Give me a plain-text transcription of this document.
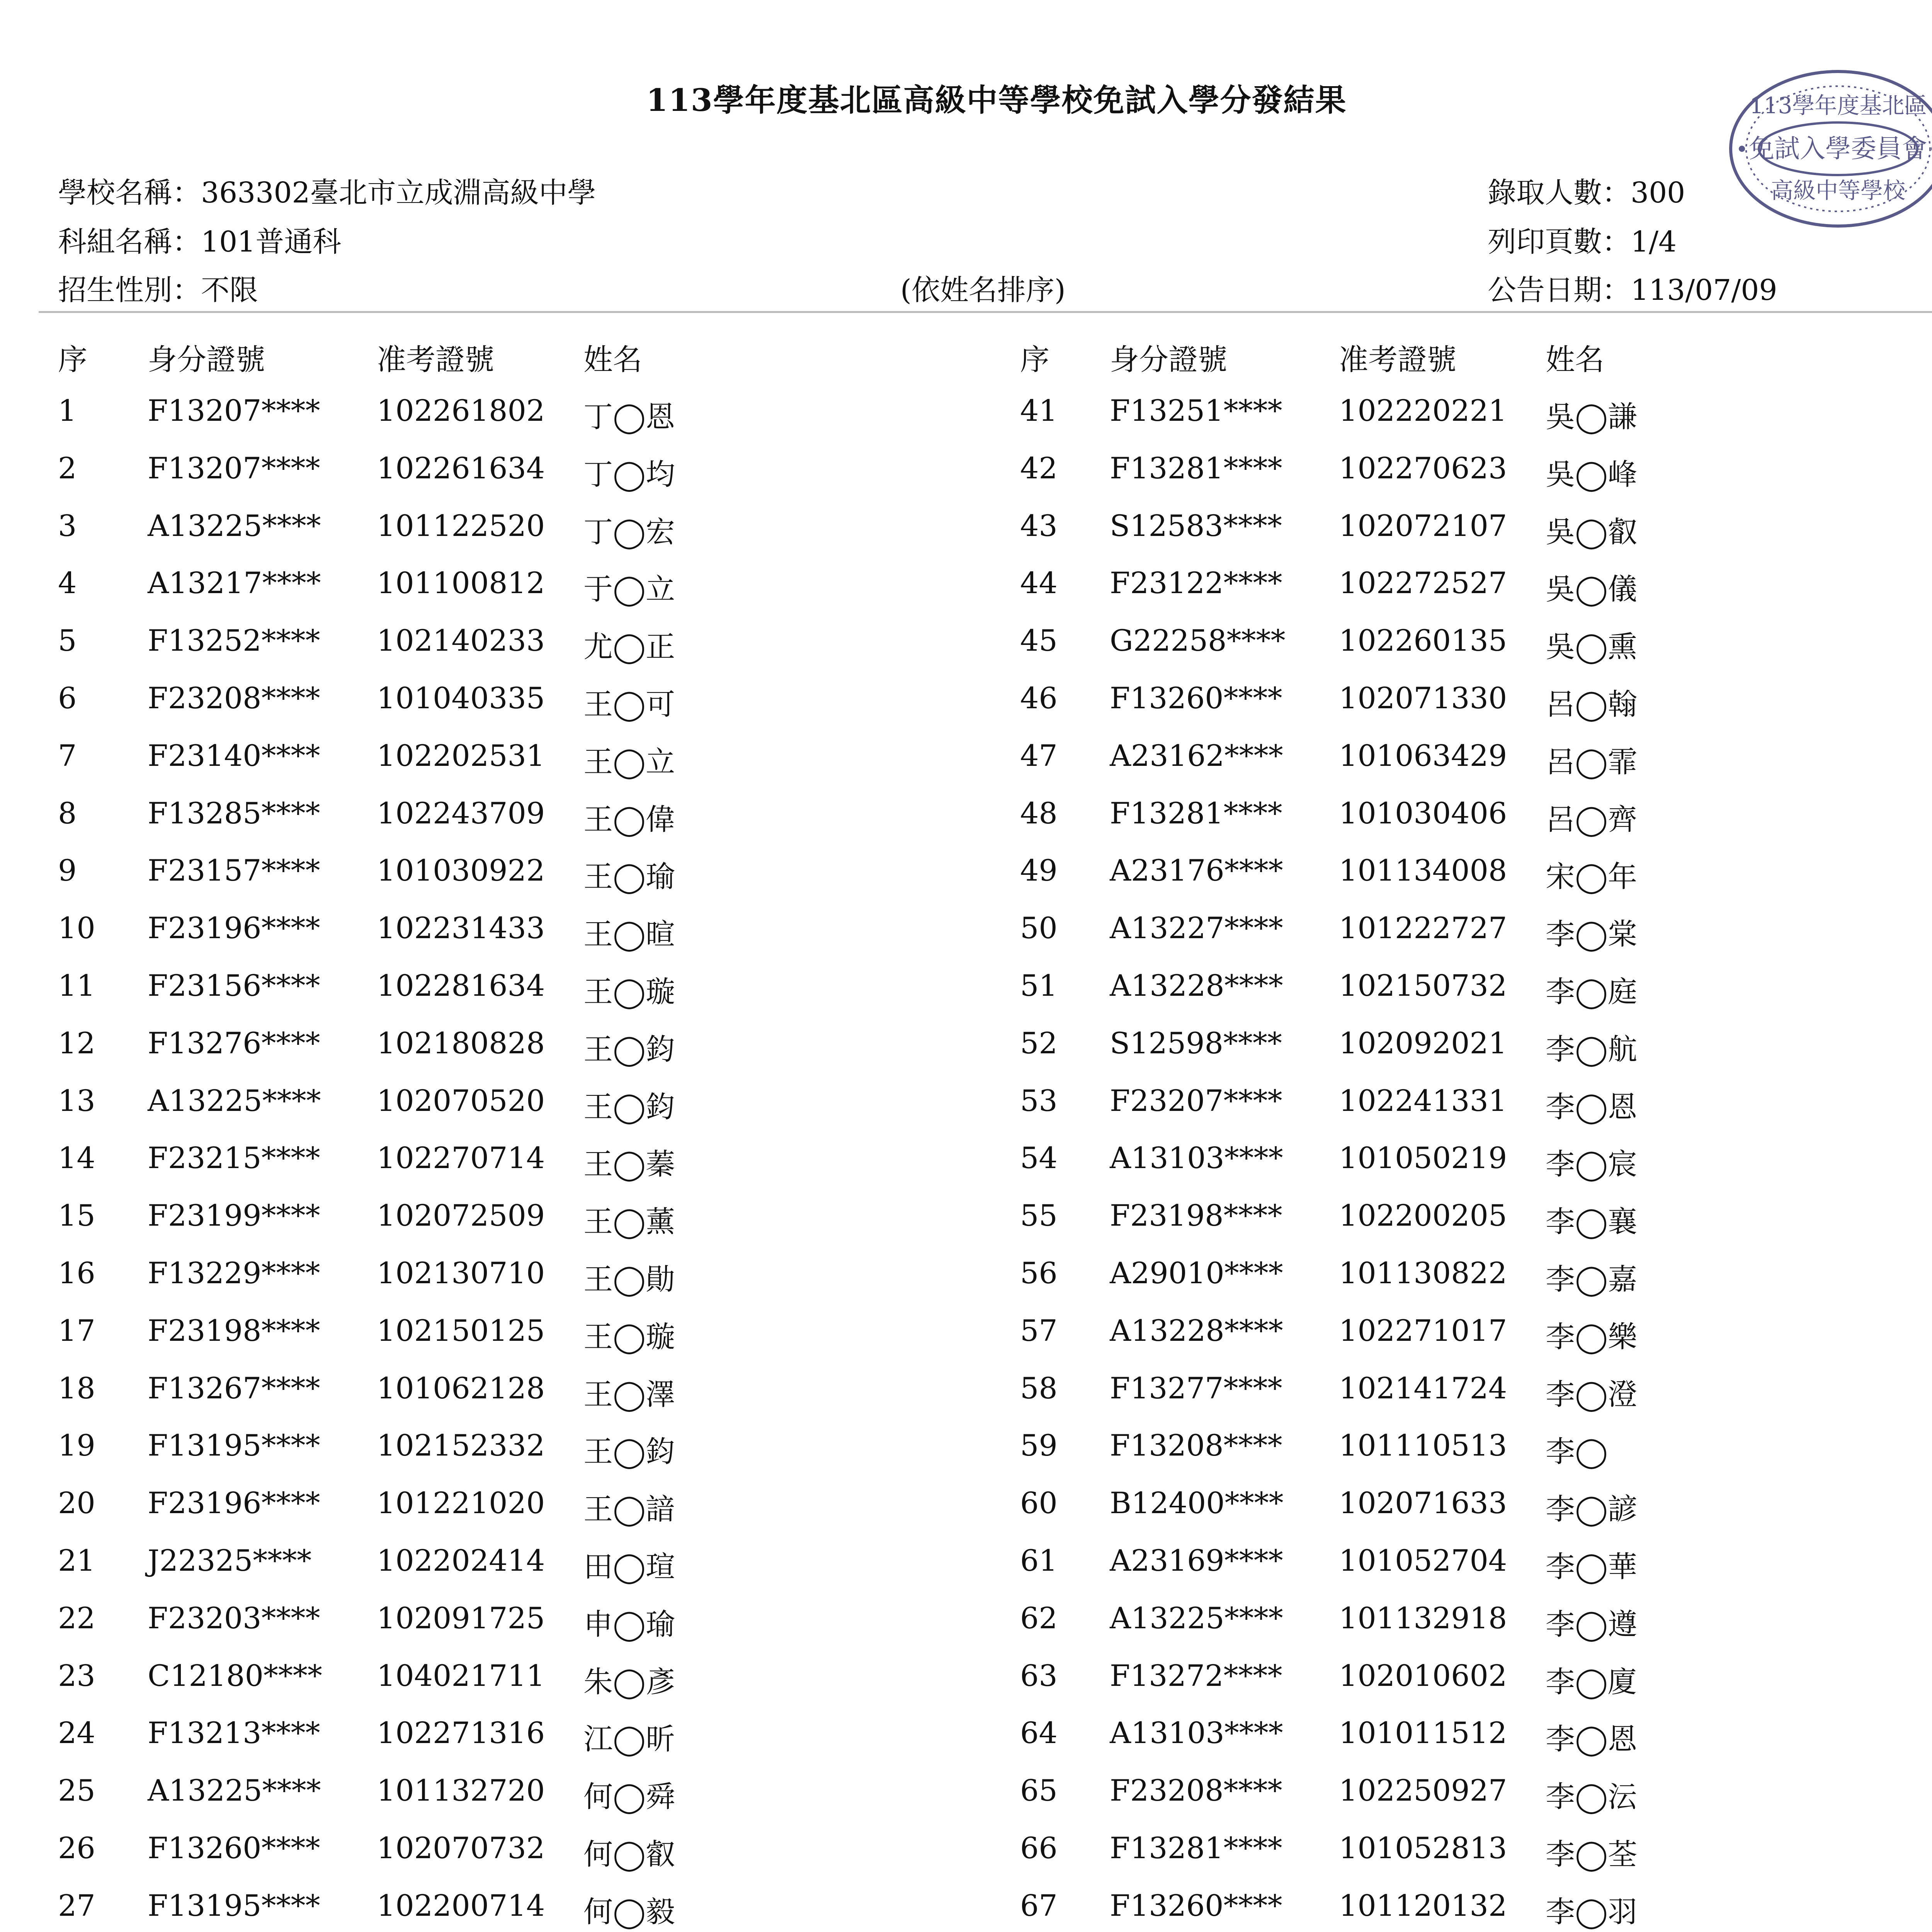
113學年度基北區高級中等學校免試入學分發結果
學校名稱：363302臺北市立成淵高級中學
科組名稱：101普通科
招生性別：不限	(依姓名排序)
錄取人數：300
列印頁數：1/4
公告日期：113/07/09
113學年度基北區
免試入學委員會
高級中等學校
序 身分證號	准考證號	姓名	序 身分證號	准考證號	姓名
1 F13207**** 102261802 丁◯恩
2 F13207**** 102261634 丁◯均
3 A13225**** 101122520 丁◯宏
4 A13217**** 101100812 于◯立
5 F13252**** 102140233 尤◯正
6 F23208**** 101040335 王◯可
7 F23140**** 102202531 王◯立
8 F13285**** 102243709 王◯偉
9 F23157**** 101030922 王◯瑜
10 F23196**** 102231433 王◯暄
11 F23156**** 102281634 王◯璇
12 F13276**** 102180828 王◯鈞
13 A13225**** 102070520 王◯鈞
14 F23215**** 102270714 王◯蓁
15 F23199**** 102072509 王◯薰
16 F13229**** 102130710 王◯勛
17 F23198**** 102150125 王◯璇
18 F13267**** 101062128 王◯澤
19 F13195**** 102152332 王◯鈞
20 F23196**** 101221020 王◯諳
21 J22325**** 102202414 田◯瑄
22 F23203**** 102091725 申◯瑜
23 C12180**** 104021711 朱◯彥
24 F13213**** 102271316 江◯昕
25 A13225**** 101132720 何◯舜
26 F13260**** 102070732 何◯叡
27 F13195**** 102200714 何◯毅
41 F13251**** 102220221 吳◯謙
42 F13281**** 102270623 吳◯峰
43 S12583**** 102072107 吳◯叡
44 F23122**** 102272527 吳◯儀
45 G22258**** 102260135 吳◯熏
46 F13260**** 102071330 呂◯翰
47 A23162**** 101063429 呂◯霏
48 F13281**** 101030406 呂◯齊
49 A23176**** 101134008 宋◯年
50 A13227**** 101222727 李◯棠
51 A13228**** 102150732 李◯庭
52 S12598**** 102092021 李◯航
53 F23207**** 102241331 李◯恩
54 A13103**** 101050219 李◯宸
55 F23198**** 102200205 李◯襄
56 A29010**** 101130822 李◯嘉
57 A13228**** 102271017 李◯樂
58 F13277**** 102141724 李◯澄
59 F13208**** 101110513 李◯
60 B12400**** 102071633 李◯諺
61 A23169**** 101052704 李◯華
62 A13225**** 101132918 李◯遵
63 F13272**** 102010602 李◯廈
64 A13103**** 101011512 李◯恩
65 F23208**** 102250927 李◯沄
66 F13281**** 101052813 李◯荃
67 F13260**** 101120132 李◯羽
